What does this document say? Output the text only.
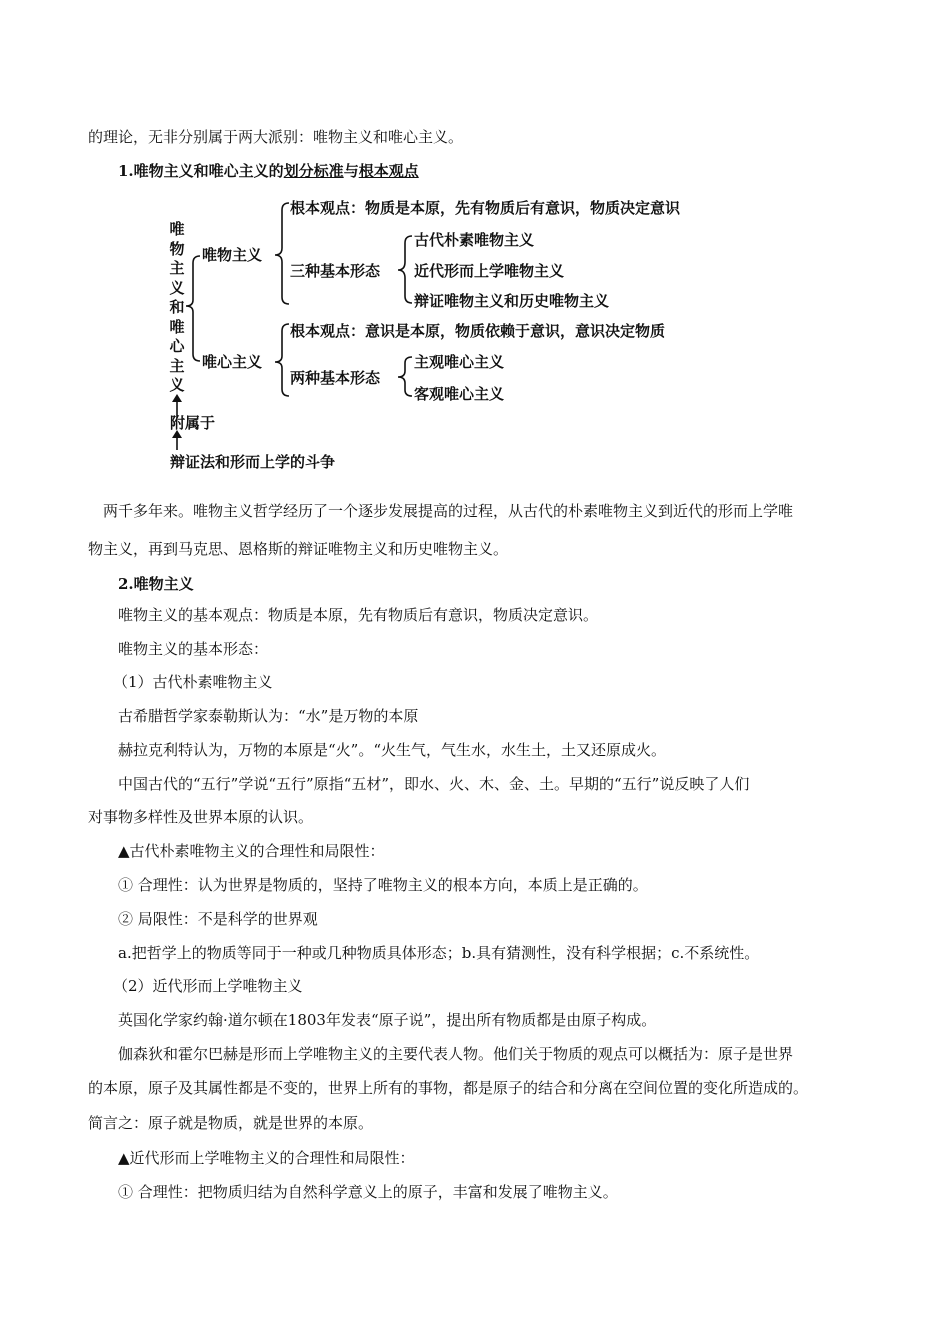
的理论，无非分别属于两大派别：唯物主义和唯心主义。
1.唯物主义和唯心主义的划分标准与根本观点
唯物主义和唯心主义
附属于
辩证法和形而上学的斗争
唯物主义
唯心主义
根本观点：物质是本原，先有物质后有意识，物质决定意识
三种基本形态
古代朴素唯物主义
近代形而上学唯物主义
辩证唯物主义和历史唯物主义
根本观点：意识是本原，物质依赖于意识，意识决定物质
两种基本形态
主观唯心主义
客观唯心主义
两千多年来。唯物主义哲学经历了一个逐步发展提高的过程，从古代的朴素唯物主义到近代的形而上学唯
物主义，再到马克思、恩格斯的辩证唯物主义和历史唯物主义。
2.唯物主义
唯物主义的基本观点：物质是本原，先有物质后有意识，物质决定意识。
唯物主义的基本形态：
（1）古代朴素唯物主义
古希腊哲学家泰勒斯认为：“水”是万物的本原
赫拉克利特认为，万物的本原是“火”。“火生气，气生水，水生土，土又还原成火。
中国古代的“五行”学说“五行”原指“五材”，即水、火、木、金、土。早期的“五行”说反映了人们
对事物多样性及世界本原的认识。
▲古代朴素唯物主义的合理性和局限性：
① 合理性：认为世界是物质的，坚持了唯物主义的根本方向，本质上是正确的。
② 局限性：不是科学的世界观
a.把哲学上的物质等同于一种或几种物质具体形态；b.具有猜测性，没有科学根据；c.不系统性。
（2）近代形而上学唯物主义
英国化学家约翰·道尔顿在1803年发表“原子说”，提出所有物质都是由原子构成。
伽森狄和霍尔巴赫是形而上学唯物主义的主要代表人物。他们关于物质的观点可以概括为：原子是世界
的本原，原子及其属性都是不变的，世界上所有的事物，都是原子的结合和分离在空间位置的变化所造成的。
简言之：原子就是物质，就是世界的本原。
▲近代形而上学唯物主义的合理性和局限性：
① 合理性：把物质归结为自然科学意义上的原子，丰富和发展了唯物主义。
